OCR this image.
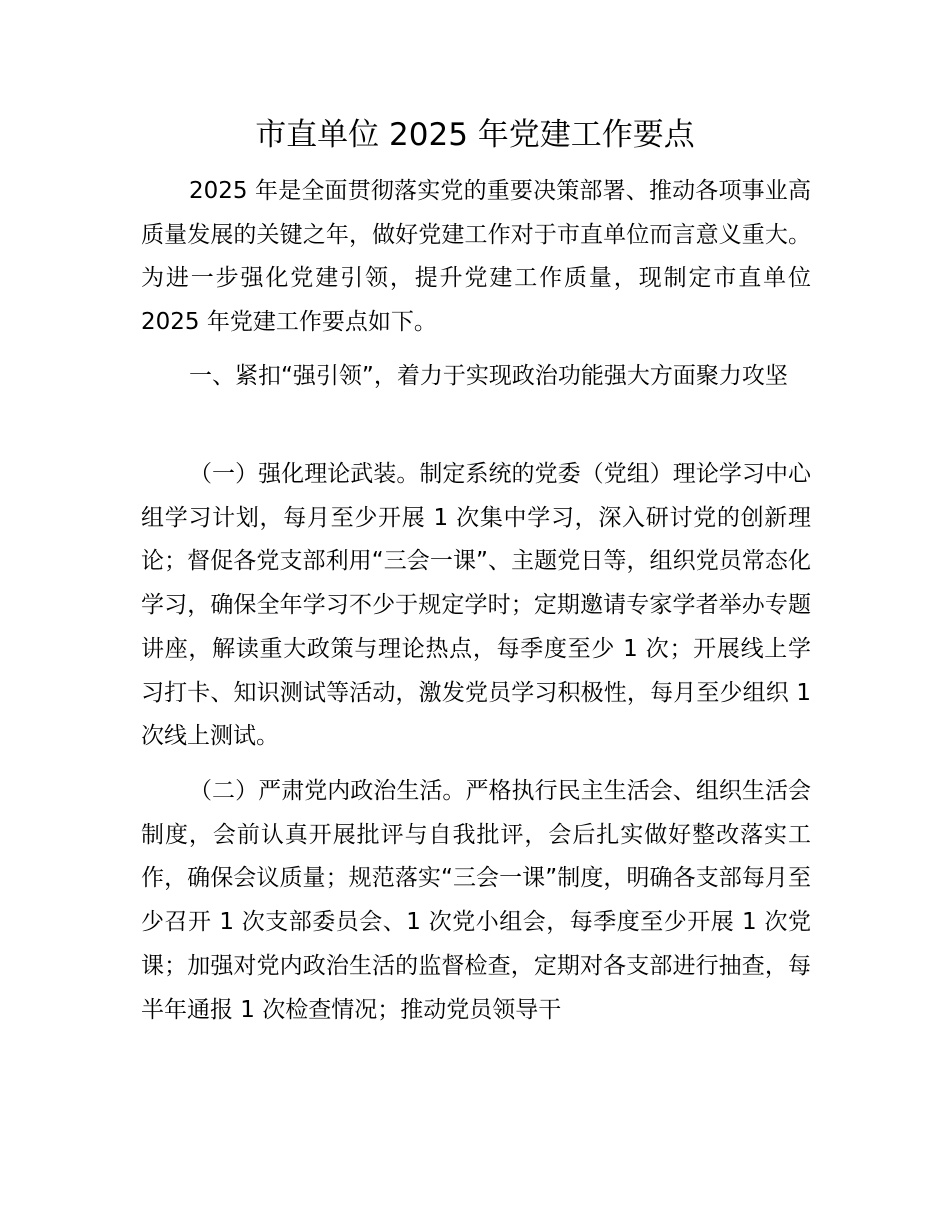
市直单位 2025 年党建工作要点

2025 年是全面贯彻落实党的重要决策部署、推动各项事业高质量发展的关键之年，做好党建工作对于市直单位而言意义重大。为进一步强化党建引领，提升党建工作质量，现制定市直单位 2025 年党建工作要点如下。

一、紧扣“强引领”，着力于实现政治功能强大方面聚力攻坚

（一）强化理论武装。制定系统的党委（党组）理论学习中心组学习计划，每月至少开展 1 次集中学习，深入研讨党的创新理论；督促各党支部利用“三会一课”、主题党日等，组织党员常态化学习，确保全年学习不少于规定学时；定期邀请专家学者举办专题讲座，解读重大政策与理论热点，每季度至少 1 次；开展线上学习打卡、知识测试等活动，激发党员学习积极性，每月至少组织 1 次线上测试。

（二）严肃党内政治生活。严格执行民主生活会、组织生活会制度，会前认真开展批评与自我批评，会后扎实做好整改落实工作，确保会议质量；规范落实“三会一课”制度，明确各支部每月至少召开 1 次支部委员会、1 次党小组会，每季度至少开展 1 次党课；加强对党内政治生活的监督检查，定期对各支部进行抽查，每半年通报 1 次检查情况；推动党员领导干
